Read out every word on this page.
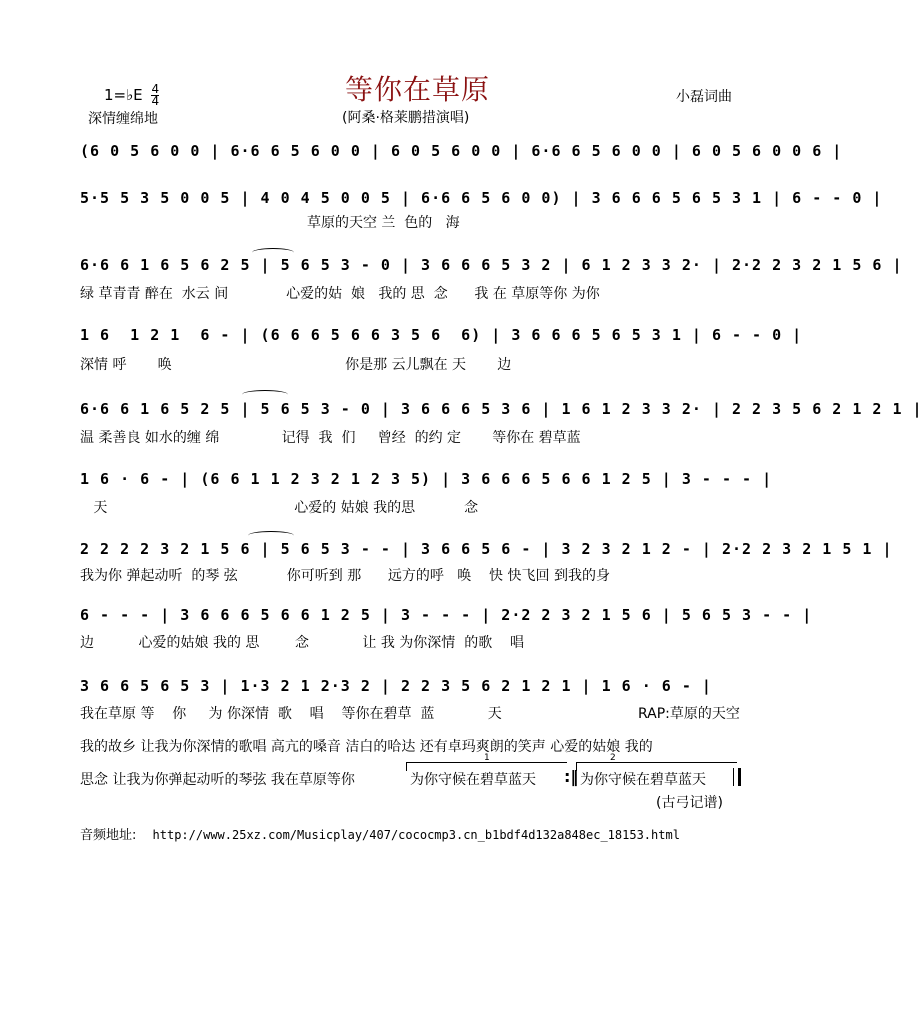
1=♭E $\frac{4}{4}$
深情缠绵地
等你在草原
(阿桑·格莱鹏措演唱)
小磊词曲
(6 0 5 6 0 0 | 6·6 6 5 6 0 0 | 6 0 5 6 0 0 | 6·6 6 5 6 0 0 | 6 0 5 6 0 0 6 |
5·5 5 3 5 0 0 5 | 4 0 4 5 0 0 5 | 6·6 6 5 6 0 0) | 3 6 6 6 5 6 5 3 1 | 6 - - 0 |
草原的天空 兰  色的   海
6·6 6 1 6 5 6 2 5 | 5 6 5 3 - 0 | 3 6 6 6 5 3 2 | 6 1 2 3 3 2· | 2·2 2 3 2 1 5 6 |
绿 草青青 醉在  水云 间             心爱的姑  娘   我的 思  念      我 在 草原等你 为你
1 6  1 2 1  6 - | (6 6 6 5 6 6 3 5 6  6) | 3 6 6 6 5 6 5 3 1 | 6 - - 0 |
深情 呼       唤                                       你是那 云儿飘在 天       边
6·6 6 1 6 5 2 5 | 5 6 5 3 - 0 | 3 6 6 6 5 3 6 | 1 6 1 2 3 3 2· | 2 2 3 5 6 2 1 2 1 |
温 柔善良 如水的缠 绵              记得  我  们     曾经  的约 定       等你在 碧草蓝
1 6 · 6 - | (6 6 1 1 2 3 2 1 2 3 5) | 3 6 6 6 5 6 6 1 2 5 | 3 - - - |
天                                          心爱的 姑娘 我的思           念
2 2 2 2 3 2 1 5 6 | 5 6 5 3 - - | 3 6 6 5 6 - | 3 2 3 2 1 2 - | 2·2 2 3 2 1 5 1 |
我为你 弹起动听  的琴 弦           你可听到 那      远方的呼   唤    快 快飞回 到我的身
6 - - - | 3 6 6 6 5 6 6 1 2 5 | 3 - - - | 2·2 2 3 2 1 5 6 | 5 6 5 3 - - |
边          心爱的姑娘 我的 思        念            让 我 为你深情  的歌    唱
3 6 6 5 6 5 3 | 1·3 2 1 2·3 2 | 2 2 3 5 6 2 1 2 1 | 1 6 · 6 - |
我在草原 等    你     为 你深情  歌    唱    等你在碧草  蓝            天	RAP:草原的天空
我的故乡 让我为你深情的歌唱 高亢的嗓音 洁白的哈达 还有卓玛爽朗的笑声 心爱的姑娘 我的
思念 让我为你弹起动听的琴弦 我在草原等你
1
为你守候在碧草蓝天 :‖
2
为你守候在碧草蓝天
(古弓记谱)
音频地址: http://www.25xz.com/Musicplay/407/cococmp3.cn_b1bdf4d132a848ec_18153.html
